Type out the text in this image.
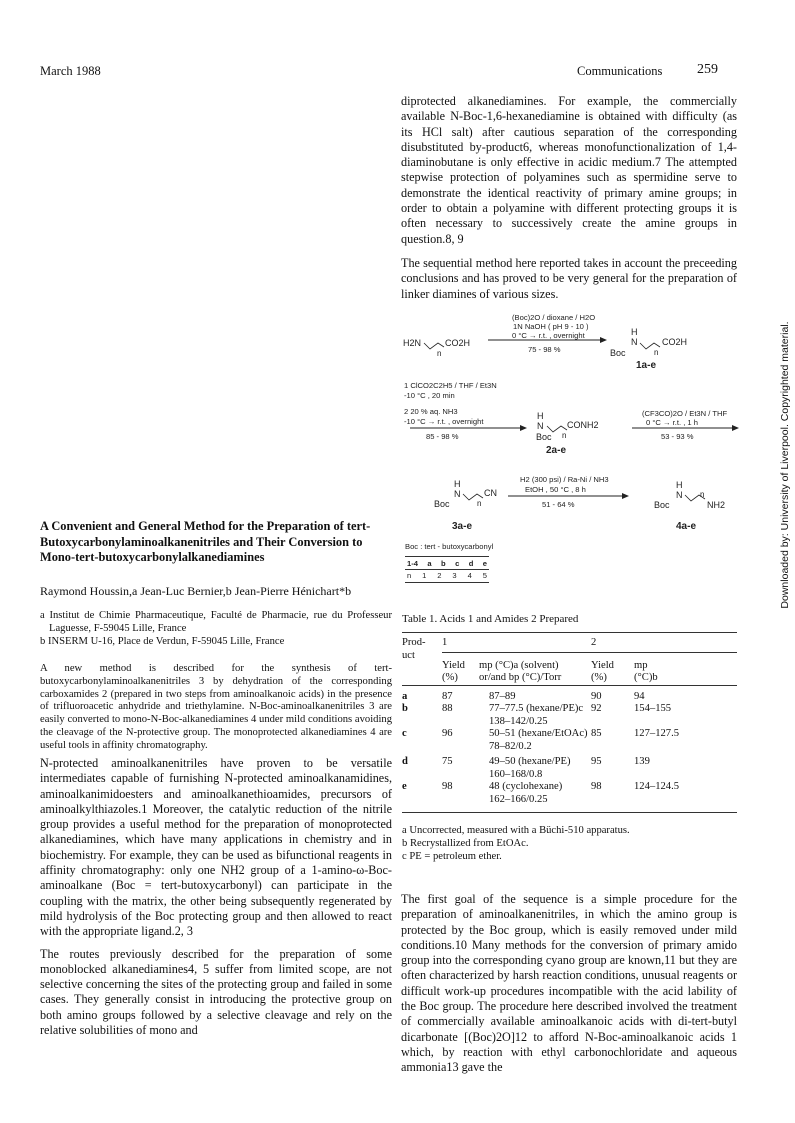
March 1988	Communications 259

diprotected alkanediamines. For example, the commercially available N-Boc-1,6-hexanediamine is obtained with difficulty (as its HCl salt) after cautious separation of the corresponding disubstituted by-product6, whereas monofunctionalization of 1,4-diaminobutane is only effective in acidic medium.7 The attempted stepwise protection of polyamines such as spermidine serve to demonstrate the identical reactivity of primary amine groups; in order to obtain a polyamine with different protecting groups it is often necessary to successively create the amine groups in question.8, 9

The sequential method here reported takes in account the preceeding conclusions and has proved to be very general for the preparation of linker diamines of various sizes.

(Boc)2O / dioxane / H2O
1N NaOH ( pH 9 - 10 )
0 °C → r.t. , overnight
75 - 98 %
H2N	CO2H
n
H
N
Boc
CO2H
n
1a-e
1 ClCO2C2H5 / THF / Et3N
-10 °C , 20 min
2 20 % aq. NH3
-10 °C → r.t. , overnight
85 - 98 %
H
N
Boc
CONH2
n
2a-e
(CF3CO)2O / Et3N / THF
0 °C → r.t. , 1 h
53 - 93 %
H2 (300 psi) / Ra-Ni / NH3
EtOH , 50 °C , 8 h
51 - 64 %
H
N
Boc
CN
n
3a-e
H
N
Boc	NH2
n
4a-e
Boc : tert - butoxycarbonyl
1-4 a b c d e
n 1 2 3 4 5
A Convenient and General Method for the Preparation of tert-Butoxycarbonylaminoalkanenitriles and Their Conversion to Mono-tert-butoxycarbonylalkanediamines
Raymond Houssin,a Jean-Luc Bernier,b Jean-Pierre Hénichart*b

a Institut de Chimie Pharmaceutique, Faculté de Pharmacie, rue du Professeur Laguesse, F-59045 Lille, France

b INSERM U-16, Place de Verdun, F-59045 Lille, France

A new method is described for the synthesis of tert-butoxycarbonylaminoalkanenitriles 3 by dehydration of the corresponding carboxamides 2 (prepared in two steps from aminoalkanoic acids) in the presence of trifluoroacetic anhydride and triethylamine. N-Boc-aminoalkanenitriles 3 are easily converted to mono-N-Boc-alkanediamines 4 under mild conditions avoiding the cleavage of the N-protective group. The monoprotected alkanediamines 4 are useful tools in affinity chromatography.

N-protected aminoalkanenitriles have proven to be versatile intermediates capable of furnishing N-protected aminoalkanamidines, aminoalkanimidoesters and aminoalkanethioamides, precursors of aminoalkylthiazoles.1 Moreover, the catalytic reduction of the nitrile group provides a useful method for the preparation of monoprotected alkanediamines, which have many applications in chemistry and in biochemistry. For example, they can be used as bifunctional reagents in affinity chromatography: only one NH2 group of a 1-amino-ω-Boc-aminoalkane (Boc = tert-butoxycarbonyl) can participate in the coupling with the matrix, the other being subsequently regenerated by mild hydrolysis of the Boc protecting group and then allowed to react with the appropriate ligand.2, 3

The routes previously described for the preparation of some monoblocked alkanediamines4, 5 suffer from limited scope, are not selective concerning the sites of the protecting group and failed in some cases. They generally consist in introducing the protective group on both amino groups followed by a selective cleavage and rely on the relative solubilities of mono and

Table 1. Acids 1 and Amides 2 Prepared
Prod-
uct	1		2	
	Yield
(%)	mp (°C)a (solvent)
or/and bp (°C)/Torr	Yield
(%)	mp
(°C)b
a	87	87–89	90	94
b	88	77–77.5 (hexane/PE)c
138–142/0.25	92	154–155
c	96	50–51 (hexane/EtOAc)
78–82/0.2	85	127–127.5
d	75	49–50 (hexane/PE)
160–168/0.8	95	139
e	98	48 (cyclohexane)
162–166/0.25	98	124–124.5

a Uncorrected, measured with a Büchi-510 apparatus.

b Recrystallized from EtOAc.

c PE = petroleum ether.

The first goal of the sequence is a simple procedure for the preparation of aminoalkanenitriles, in which the amino group is protected by the Boc group, which is easily removed under mild conditions.10 Many methods for the conversion of primary amido group into the corresponding cyano group are known,11 but they are often characterized by harsh reaction conditions, unusual reagents or difficult work-up procedures incompatible with the acid lability of the Boc group. The procedure here described involved the treatment of commercially available aminoalkanoic acids with di-tert-butyl dicarbonate [(Boc)2O]12 to afford N-Boc-aminoalkanoic acids 1 which, by reaction with ethyl carbonochloridate and aqueous ammonia13 gave the

Downloaded by: University of Liverpool. Copyrighted material.
